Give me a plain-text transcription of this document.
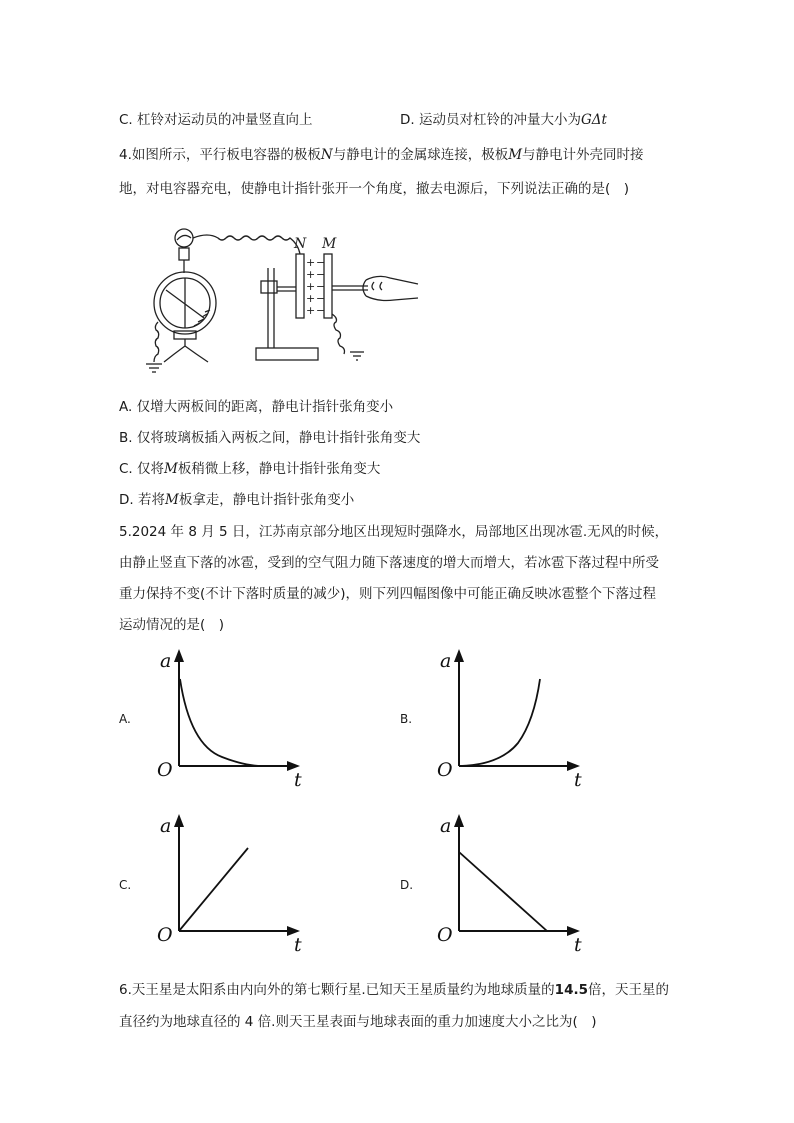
C. 杠铃对运动员的冲量竖直向上	D. 运动员对杠铃的冲量大小为GΔt
4.如图所示，平行板电容器的极板N与静电计的金属球连接，极板M与静电计外壳同时接
地，对电容器充电，使静电计指针张开一个角度，撤去电源后，下列说法正确的是(　)
+
+
+
+
+
−
−
−
−
−
N M
A. 仅增大两板间的距离，静电计指针张角变小
B. 仅将玻璃板插入两板之间，静电计指针张角变大
C. 仅将M板稍微上移，静电计指针张角变大
D. 若将M板拿走，静电计指针张角变小
5.2024 年 8 月 5 日，江苏南京部分地区出现短时强降水，局部地区出现冰雹.无风的时候，
由静止竖直下落的冰雹，受到的空气阻力随下落速度的增大而增大，若冰雹下落过程中所受
重力保持不变(不计下落时质量的减少)，则下列四幅图像中可能正确反映冰雹整个下落过程
运动情况的是(　)
A.	B.
C.	D.
a
O	t
a
O	t
a
O	t
a
O	t
6.天王星是太阳系由内向外的第七颗行星.已知天王星质量约为地球质量的14.5倍，天王星的
直径约为地球直径的 4 倍.则天王星表面与地球表面的重力加速度大小之比为(　)
